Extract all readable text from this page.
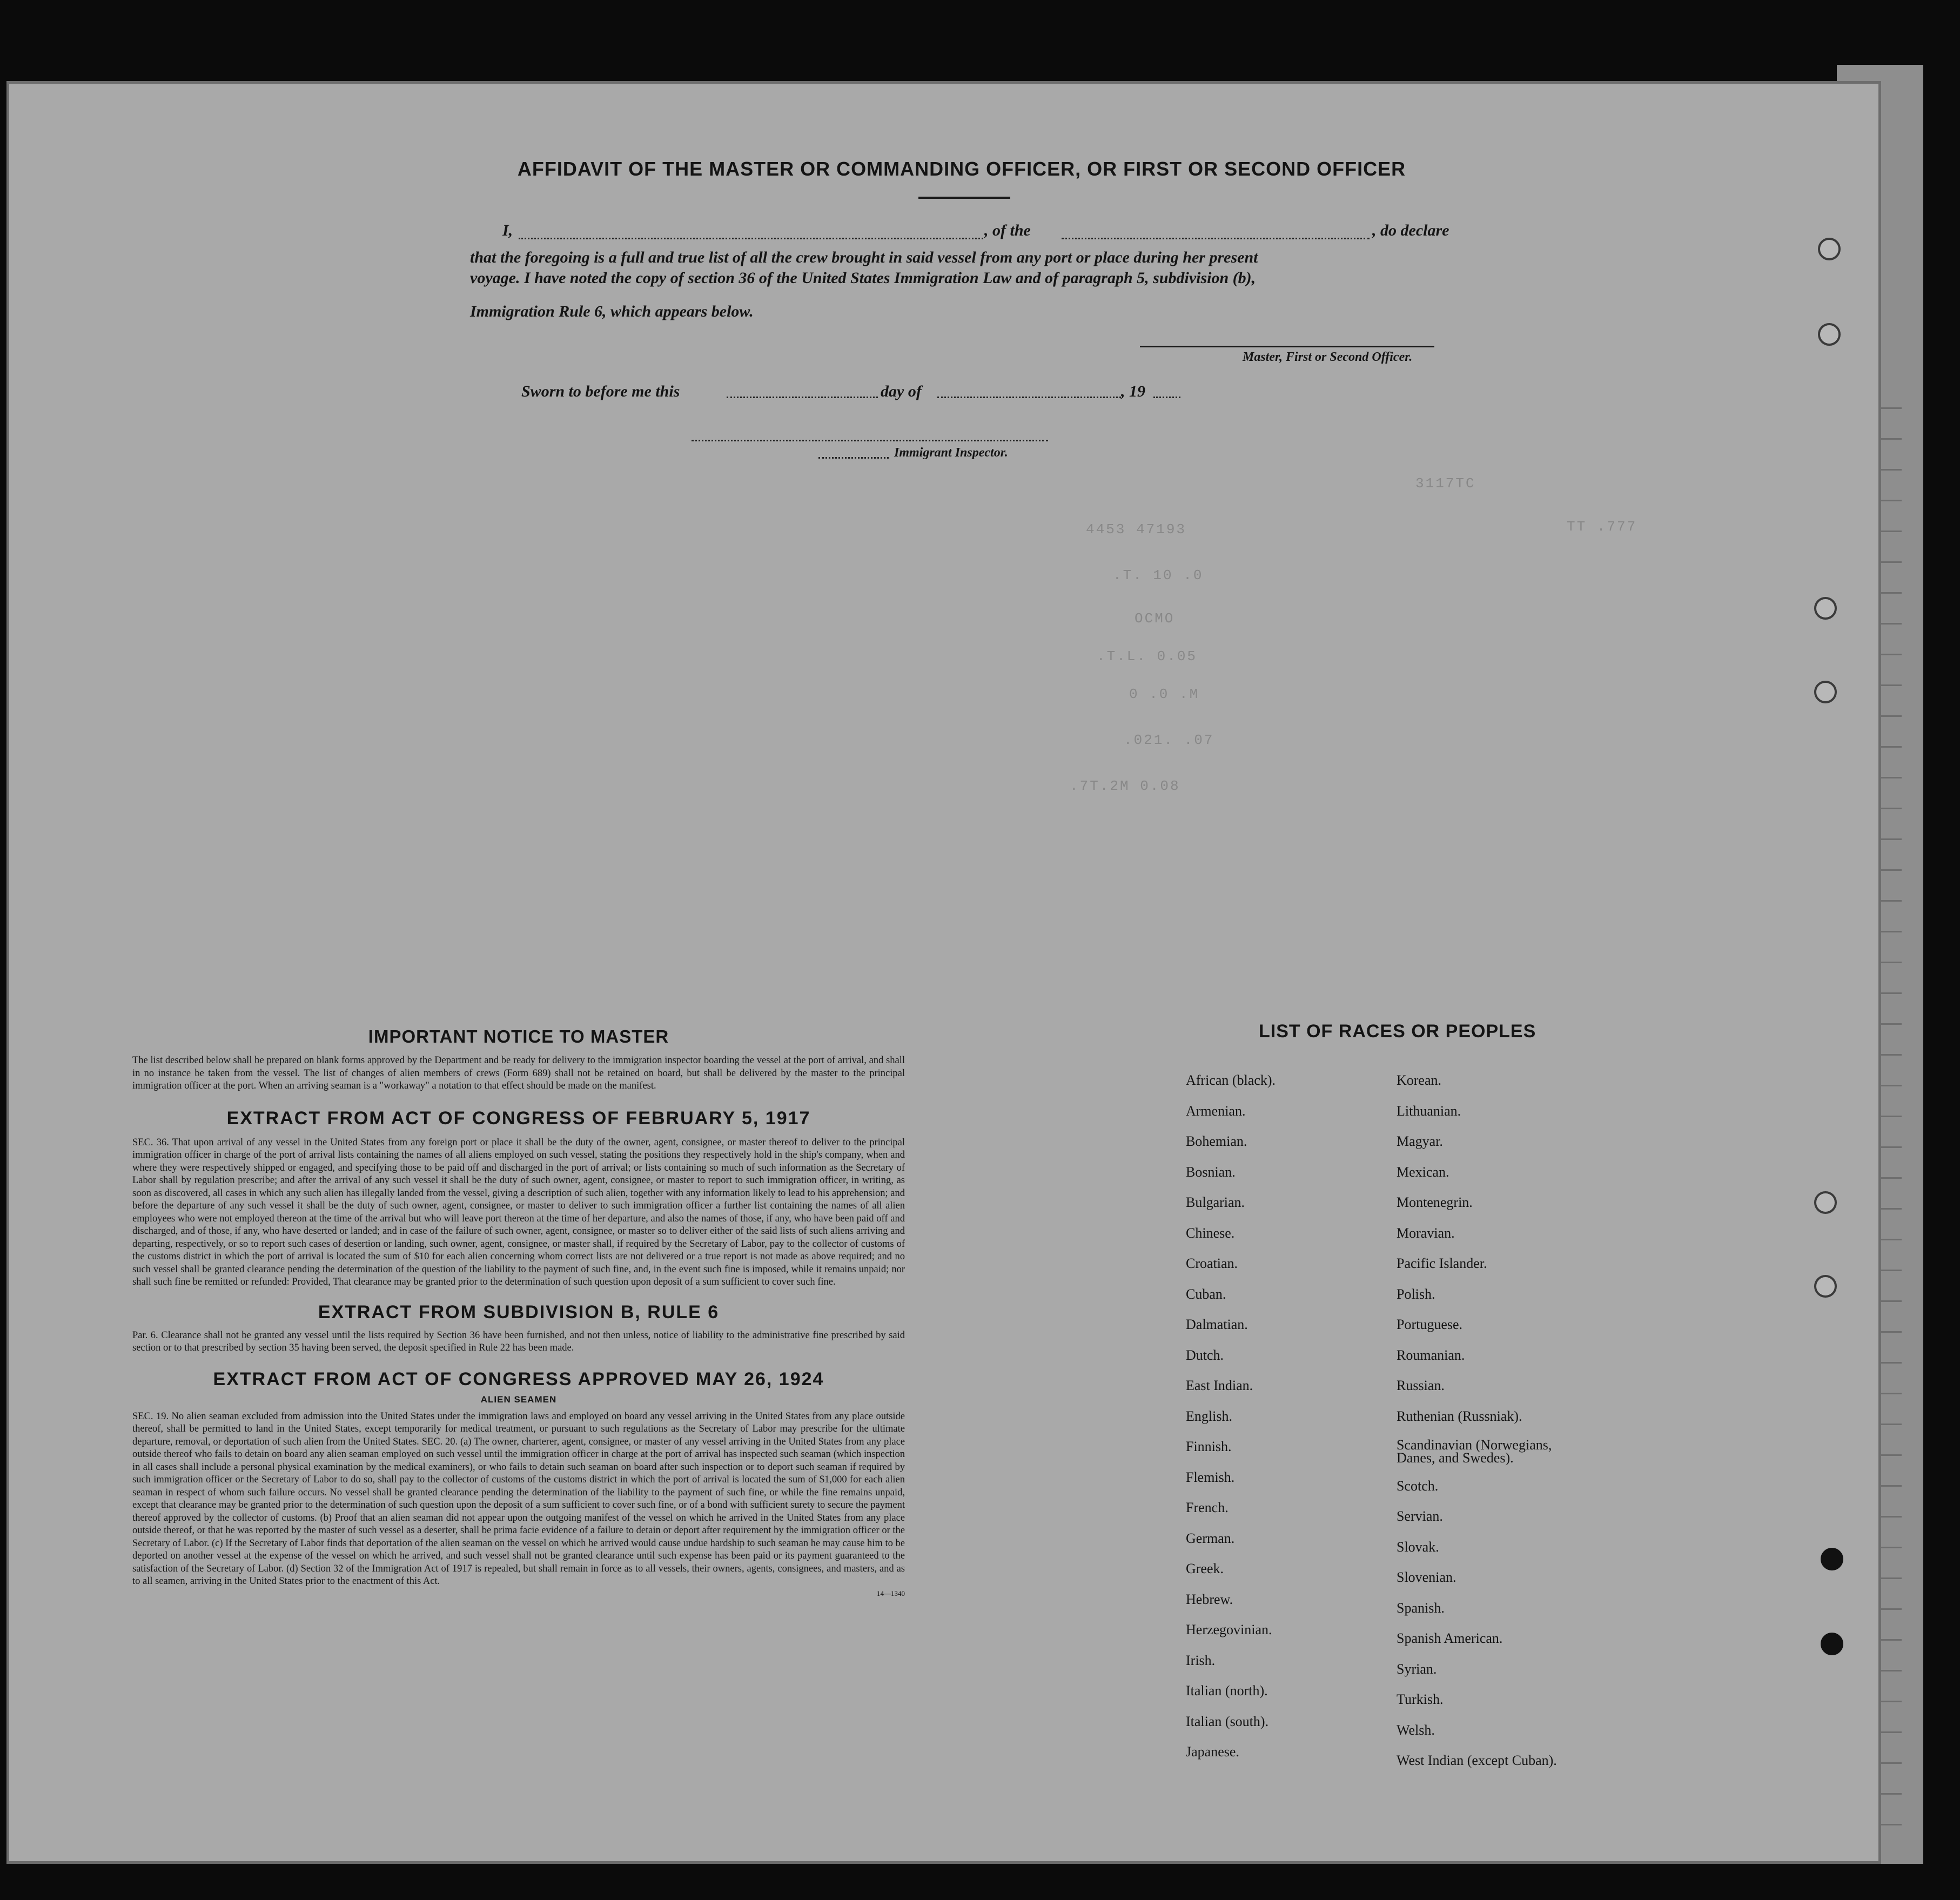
4453 47193
.T. 10 .0
OCMO
.T.L. 0.05
0 .0 .M
.021. .07
.7T.2M 0.08
3117TC
TT .777
AFFIDAVIT OF THE MASTER OR COMMANDING OFFICER, OR FIRST OR SECOND OFFICER
I,	, of the	, do declare
that the foregoing is a full and true list of all the crew brought in said vessel from any port or place during her present
voyage. I have noted the copy of section 36 of the United States Immigration Law and of paragraph 5, subdivision (b),
Immigration Rule 6, which appears below.
Master, First or Second Officer.
Sworn to before me this	day of	, 19
Immigrant Inspector.
IMPORTANT NOTICE TO MASTER
The list described below shall be prepared on blank forms approved by the Department and be ready for delivery to the immigration inspector boarding the vessel at the port of arrival, and shall in no instance be taken from the vessel. The list of changes of alien members of crews (Form 689) shall not be retained on board, but shall be delivered by the master to the principal immigration officer at the port. When an arriving seaman is a "workaway" a notation to that effect should be made on the manifest.
EXTRACT FROM ACT OF CONGRESS OF FEBRUARY 5, 1917
SEC. 36. That upon arrival of any vessel in the United States from any foreign port or place it shall be the duty of the owner, agent, consignee, or master thereof to deliver to the principal immigration officer in charge of the port of arrival lists containing the names of all aliens employed on such vessel, stating the positions they respectively hold in the ship's company, when and where they were respectively shipped or engaged, and specifying those to be paid off and discharged in the port of arrival; or lists containing so much of such information as the Secretary of Labor shall by regulation prescribe; and after the arrival of any such vessel it shall be the duty of such owner, agent, consignee, or master to report to such immigration officer, in writing, as soon as discovered, all cases in which any such alien has illegally landed from the vessel, giving a description of such alien, together with any information likely to lead to his apprehension; and before the departure of any such vessel it shall be the duty of such owner, agent, consignee, or master to deliver to such immigration officer a further list containing the names of all alien employees who were not employed thereon at the time of the arrival but who will leave port thereon at the time of her departure, and also the names of those, if any, who have been paid off and discharged, and of those, if any, who have deserted or landed; and in case of the failure of such owner, agent, consignee, or master so to deliver either of the said lists of such aliens arriving and departing, respectively, or so to report such cases of desertion or landing, such owner, agent, consignee, or master shall, if required by the Secretary of Labor, pay to the collector of customs of the customs district in which the port of arrival is located the sum of $10 for each alien concerning whom correct lists are not delivered or a true report is not made as above required; and no such vessel shall be granted clearance pending the determination of the question of the liability to the payment of such fine, and, in the event such fine is imposed, while it remains unpaid; nor shall such fine be remitted or refunded: Provided, That clearance may be granted prior to the determination of such question upon deposit of a sum sufficient to cover such fine.
EXTRACT FROM SUBDIVISION B, RULE 6
Par. 6. Clearance shall not be granted any vessel until the lists required by Section 36 have been furnished, and not then unless, notice of liability to the administrative fine prescribed by said section or to that prescribed by section 35 having been served, the deposit specified in Rule 22 has been made.
EXTRACT FROM ACT OF CONGRESS APPROVED MAY 26, 1924
ALIEN SEAMEN
SEC. 19. No alien seaman excluded from admission into the United States under the immigration laws and employed on board any vessel arriving in the United States from any place outside thereof, shall be permitted to land in the United States, except temporarily for medical treatment, or pursuant to such regulations as the Secretary of Labor may prescribe for the ultimate departure, removal, or deportation of such alien from the United States. SEC. 20. (a) The owner, charterer, agent, consignee, or master of any vessel arriving in the United States from any place outside thereof who fails to detain on board any alien seaman employed on such vessel until the immigration officer in charge at the port of arrival has inspected such seaman (which inspection in all cases shall include a personal physical examination by the medical examiners), or who fails to detain such seaman on board after such inspection or to deport such seaman if required by such immigration officer or the Secretary of Labor to do so, shall pay to the collector of customs of the customs district in which the port of arrival is located the sum of $1,000 for each alien seaman in respect of whom such failure occurs. No vessel shall be granted clearance pending the determination of the liability to the payment of such fine, or while the fine remains unpaid, except that clearance may be granted prior to the determination of such question upon the deposit of a sum sufficient to cover such fine, or of a bond with sufficient surety to secure the payment thereof approved by the collector of customs. (b) Proof that an alien seaman did not appear upon the outgoing manifest of the vessel on which he arrived in the United States from any place outside thereof, or that he was reported by the master of such vessel as a deserter, shall be prima facie evidence of a failure to detain or deport after requirement by the immigration officer or the Secretary of Labor. (c) If the Secretary of Labor finds that deportation of the alien seaman on the vessel on which he arrived would cause undue hardship to such seaman he may cause him to be deported on another vessel at the expense of the vessel on which he arrived, and such vessel shall not be granted clearance until such expense has been paid or its payment guaranteed to the satisfaction of the Secretary of Labor. (d) Section 32 of the Immigration Act of 1917 is repealed, but shall remain in force as to all vessels, their owners, agents, consignees, and masters, and as to all seamen, arriving in the United States prior to the enactment of this Act.
14—1340
LIST OF RACES OR PEOPLES
African (black).
Armenian.
Bohemian.
Bosnian.
Bulgarian.
Chinese.
Croatian.
Cuban.
Dalmatian.
Dutch.
East Indian.
English.
Finnish.
Flemish.
French.
German.
Greek.
Hebrew.
Herzegovinian.
Irish.
Italian (north).
Italian (south).
Japanese.
Korean.
Lithuanian.
Magyar.
Mexican.
Montenegrin.
Moravian.
Pacific Islander.
Polish.
Portuguese.
Roumanian.
Russian.
Ruthenian (Russniak).
Scandinavian (Norwegians, Danes, and Swedes).
Scotch.
Servian.
Slovak.
Slovenian.
Spanish.
Spanish American.
Syrian.
Turkish.
Welsh.
West Indian (except Cuban).
